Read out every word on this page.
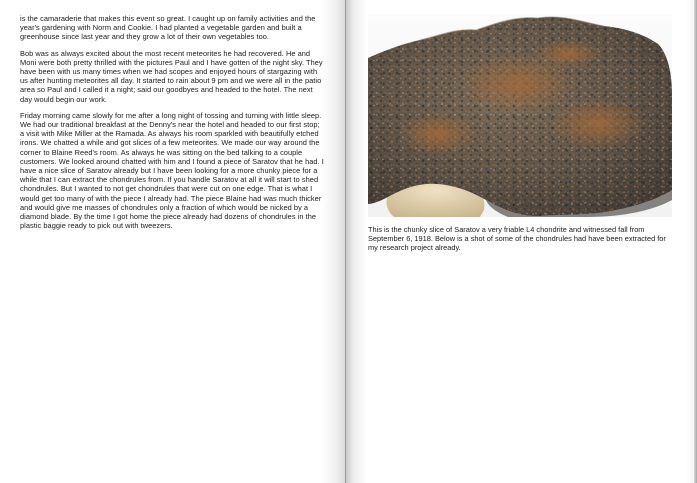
is the camaraderie that makes this event so great. I caught up on family activities and the year's gardening with Norm and Cookie. I had planted a vegetable garden and built a greenhouse since last year and they grow a lot of their own vegetables too.

Bob was as always excited about the most recent meteorites he had recovered. He and Moni were both pretty thrilled with the pictures Paul and I have gotten of the night sky. They have been with us many times when we had scopes and enjoyed hours of stargazing with us after hunting meteorites all day. It started to rain about 9 pm and we were all in the patio area so Paul and I called it a night; said our goodbyes and headed to the hotel. The next day would begin our work.

Friday morning came slowly for me after a long night of tossing and turning with little sleep. We had our traditional breakfast at the Denny's near the hotel and headed to our first stop; a visit with Mike Miller at the Ramada. As always his room sparkled with beautifully etched irons. We chatted a while and got slices of a few meteorites. We made our way around the corner to Blaine Reed's room. As always he was sitting on the bed talking to a couple customers. We looked around chatted with him and I found a piece of Saratov that he had. I have a nice slice of Saratov already but I have been looking for a more chunky piece for a while that I can extract the chondrules from. If you handle Saratov at all it will start to shed chondrules. But I wanted to not get chondrules that were cut on one edge. That is what I would get too many of with the piece I already had. The piece Blaine had was much thicker and would give me masses of chondrules only a fraction of which would be nicked by a diamond blade. By the time I got home the piece already had dozens of chondrules in the plastic baggie ready to pick out with tweezers.	This is the chunky slice of Saratov a very friable L4 chondrite and witnessed fall from September 6, 1918. Below is a shot of some of the chondrules had have been extracted for my research project already.
